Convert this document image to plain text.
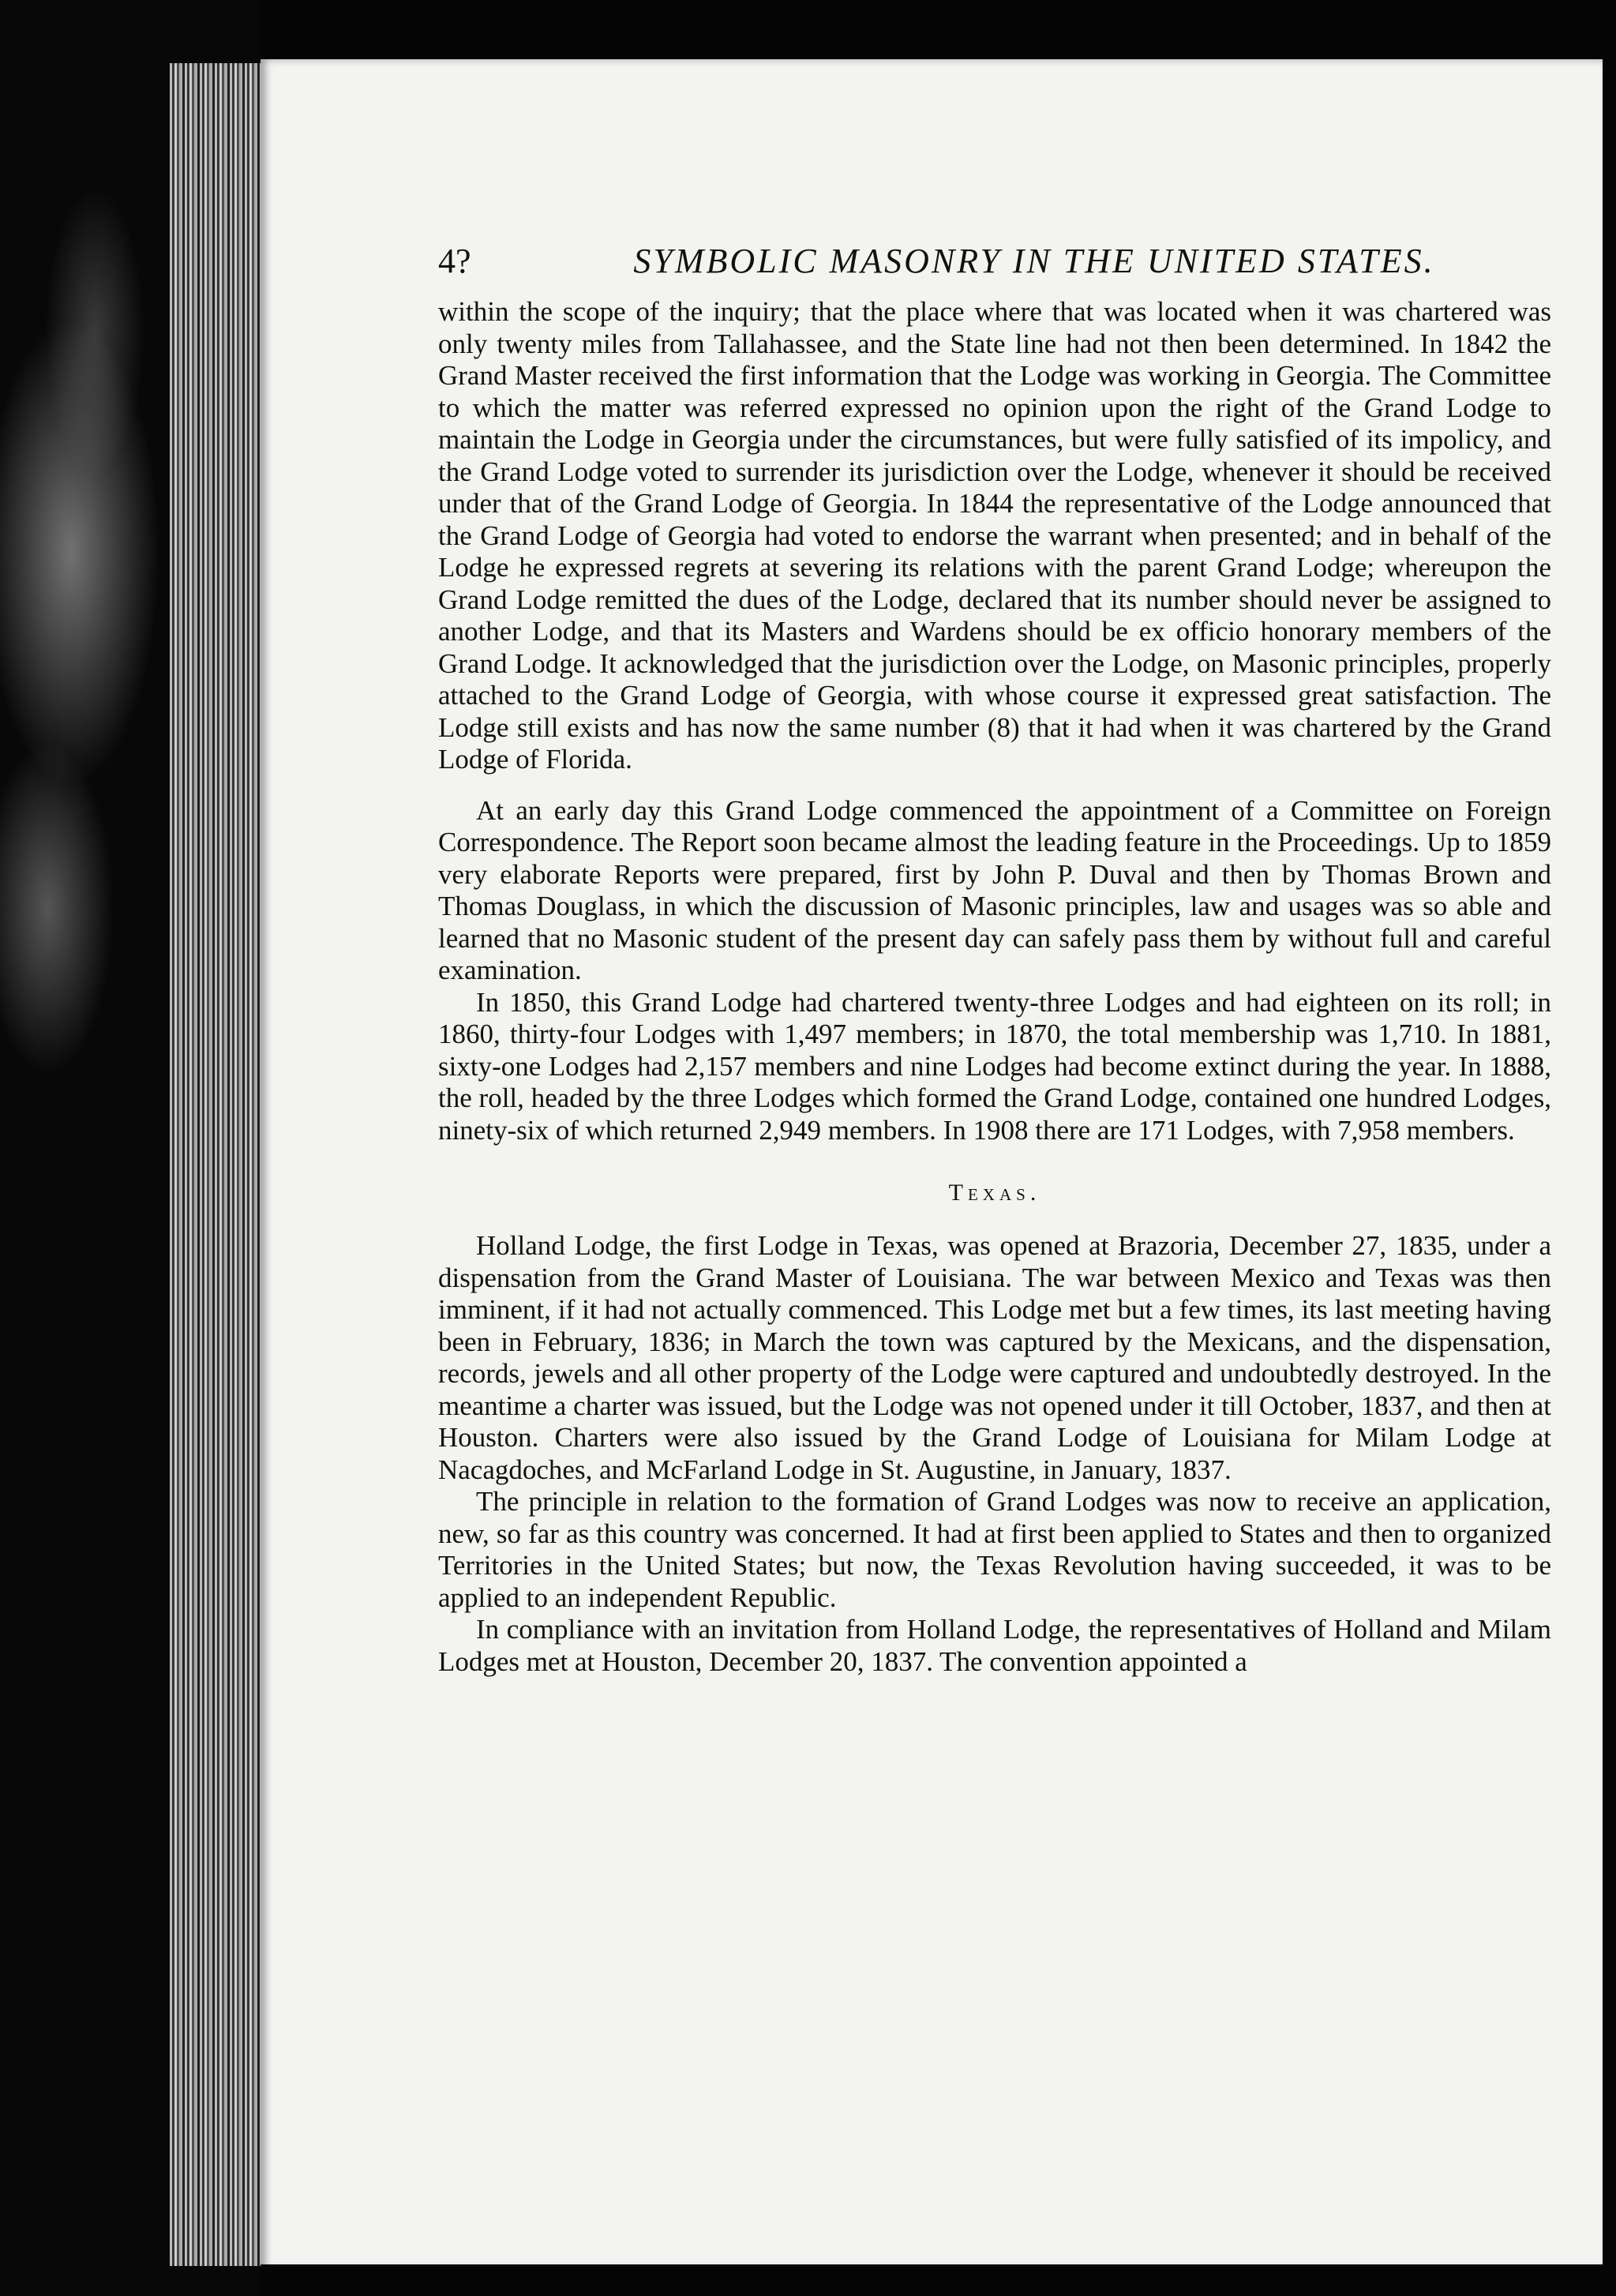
4?	SYMBOLIC MASONRY IN THE UNITED STATES.

within the scope of the inquiry; that the place where that was located when it was chartered was only twenty miles from Tallahassee, and the State line had not then been determined. In 1842 the Grand Master received the first information that the Lodge was working in Georgia. The Committee to which the matter was referred expressed no opinion upon the right of the Grand Lodge to maintain the Lodge in Georgia under the circumstances, but were fully satisfied of its impolicy, and the Grand Lodge voted to surrender its jurisdiction over the Lodge, whenever it should be received under that of the Grand Lodge of Georgia. In 1844 the representative of the Lodge announced that the Grand Lodge of Georgia had voted to endorse the warrant when presented; and in behalf of the Lodge he expressed regrets at severing its relations with the parent Grand Lodge; whereupon the Grand Lodge remitted the dues of the Lodge, declared that its number should never be assigned to another Lodge, and that its Masters and Wardens should be ex officio honorary members of the Grand Lodge. It acknowledged that the jurisdiction over the Lodge, on Masonic principles, properly attached to the Grand Lodge of Georgia, with whose course it expressed great satisfaction. The Lodge still exists and has now the same number (8) that it had when it was chartered by the Grand Lodge of Florida.

At an early day this Grand Lodge commenced the appointment of a Committee on Foreign Correspondence. The Report soon became almost the leading feature in the Proceedings. Up to 1859 very elaborate Reports were prepared, first by John P. Duval and then by Thomas Brown and Thomas Douglass, in which the discussion of Masonic principles, law and usages was so able and learned that no Masonic student of the present day can safely pass them by without full and careful examination.

In 1850, this Grand Lodge had chartered twenty-three Lodges and had eighteen on its roll; in 1860, thirty-four Lodges with 1,497 members; in 1870, the total membership was 1,710. In 1881, sixty-one Lodges had 2,157 members and nine Lodges had become extinct during the year. In 1888, the roll, headed by the three Lodges which formed the Grand Lodge, contained one hundred Lodges, ninety-six of which returned 2,949 members. In 1908 there are 171 Lodges, with 7,958 members.

Texas.

Holland Lodge, the first Lodge in Texas, was opened at Brazoria, December 27, 1835, under a dispensation from the Grand Master of Louisiana. The war between Mexico and Texas was then imminent, if it had not actually commenced. This Lodge met but a few times, its last meeting having been in February, 1836; in March the town was captured by the Mexicans, and the dispensation, records, jewels and all other property of the Lodge were captured and undoubtedly destroyed. In the meantime a charter was issued, but the Lodge was not opened under it till October, 1837, and then at Houston. Charters were also issued by the Grand Lodge of Louisiana for Milam Lodge at Nacagdoches, and McFarland Lodge in St. Augustine, in January, 1837.

The principle in relation to the formation of Grand Lodges was now to receive an application, new, so far as this country was concerned. It had at first been applied to States and then to organized Territories in the United States; but now, the Texas Revolution having succeeded, it was to be applied to an independent Republic.

In compliance with an invitation from Holland Lodge, the representatives of Holland and Milam Lodges met at Houston, December 20, 1837. The convention appointed a
